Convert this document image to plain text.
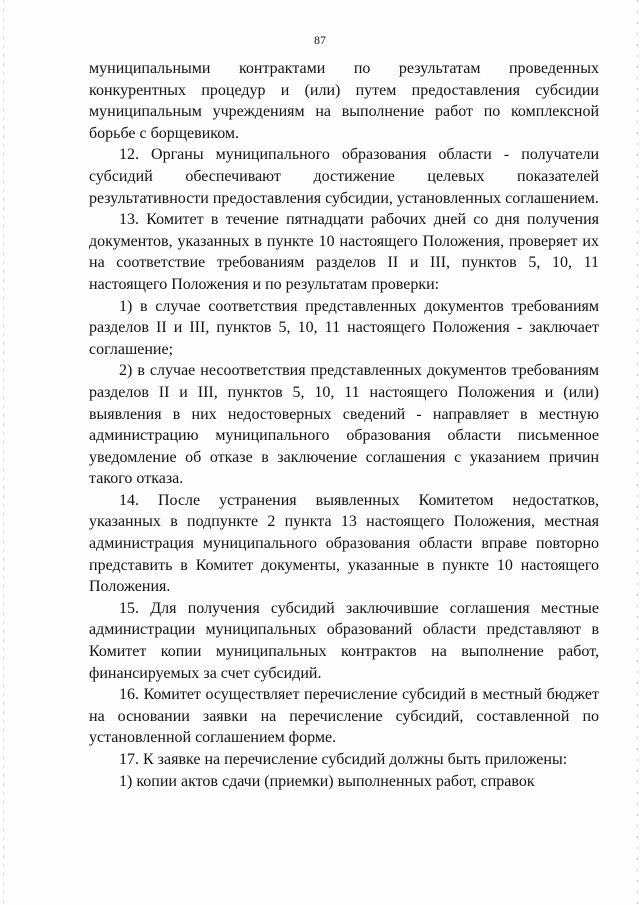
87

муниципальными контрактами по результатам проведенных конкурентных процедур и (или) путем предоставления субсидии муниципальным учреждениям на выполнение работ по комплексной борьбе с борщевиком.

12. Органы муниципального образования области - получатели субсидий обеспечивают достижение целевых показателей результативности предоставления субсидии, установленных соглашением.

13. Комитет в течение пятнадцати рабочих дней со дня получения документов, указанных в пункте 10 настоящего Положения, проверяет их на соответствие требованиям разделов II и III, пунктов 5, 10, 11 настоящего Положения и по результатам проверки:

1) в случае соответствия представленных документов требованиям разделов II и III, пунктов 5, 10, 11 настоящего Положения - заключает соглашение;

2) в случае несоответствия представленных документов требованиям разделов II и III, пунктов 5, 10, 11 настоящего Положения и (или) выявления в них недостоверных сведений - направляет в местную администрацию муниципального образования области письменное уведомление об отказе в заключение соглашения с указанием причин такого отказа.

14. После устранения выявленных Комитетом недостатков, указанных в подпункте 2 пункта 13 настоящего Положения, местная администрация муниципального образования области вправе повторно представить в Комитет документы, указанные в пункте 10 настоящего Положения.

15. Для получения субсидий заключившие соглашения местные администрации муниципальных образований области представляют в Комитет копии муниципальных контрактов на выполнение работ, финансируемых за счет субсидий.

16. Комитет осуществляет перечисление субсидий в местный бюджет на основании заявки на перечисление субсидий, составленной по установленной соглашением форме.

17. К заявке на перечисление субсидий должны быть приложены:

1) копии актов сдачи (приемки) выполненных работ, справок
